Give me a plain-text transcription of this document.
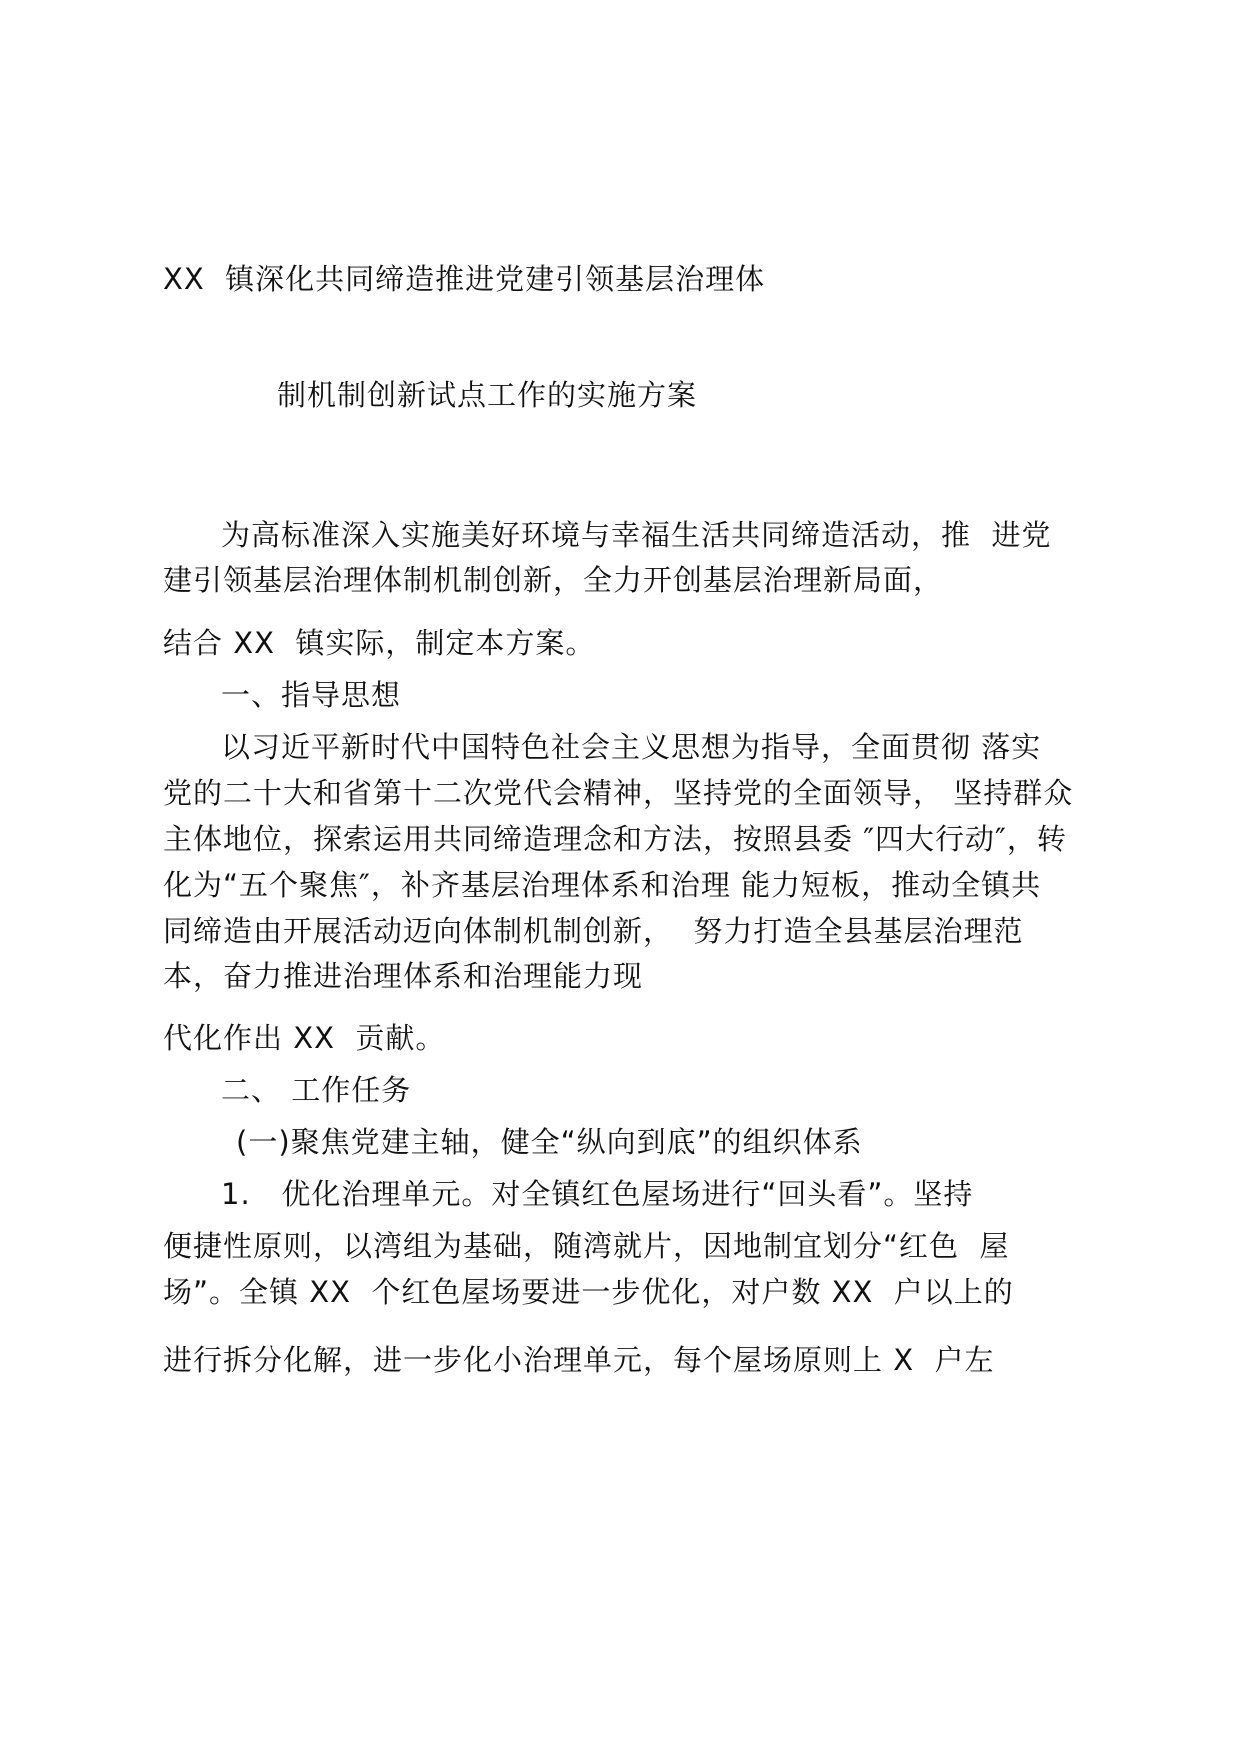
XX  镇深化共同缔造推进党建引领基层治理体
制机制创新试点工作的实施方案
为高标准深入实施美好环境与幸福生活共同缔造活动，推  进党
建引领基层治理体制机制创新，全力开创基层治理新局面，
结合 XX  镇实际，制定本方案。
一、指导思想
以习近平新时代中国特色社会主义思想为指导，全面贯彻 落实
党的二十大和省第十二次党代会精神，坚持党的全面领导， 坚持群众
主体地位，探索运用共同缔造理念和方法，按照县委 ″四大行动″，转
化为“五个聚焦″，补齐基层治理体系和治理 能力短板，推动全镇共
同缔造由开展活动迈向体制机制创新，  努力打造全县基层治理范
本，奋力推进治理体系和治理能力现
代化作出 XX  贡献。
二、 工作任务
(一)聚焦党建主轴，健全“纵向到底”的组织体系
1.   优化治理单元。对全镇红色屋场进行“回头看”。坚持
便捷性原则，以湾组为基础，随湾就片，因地制宜划分“红色  屋
场”。全镇 XX  个红色屋场要进一步优化，对户数 XX  户以上的
进行拆分化解，进一步化小治理单元，每个屋场原则上 X  户左
